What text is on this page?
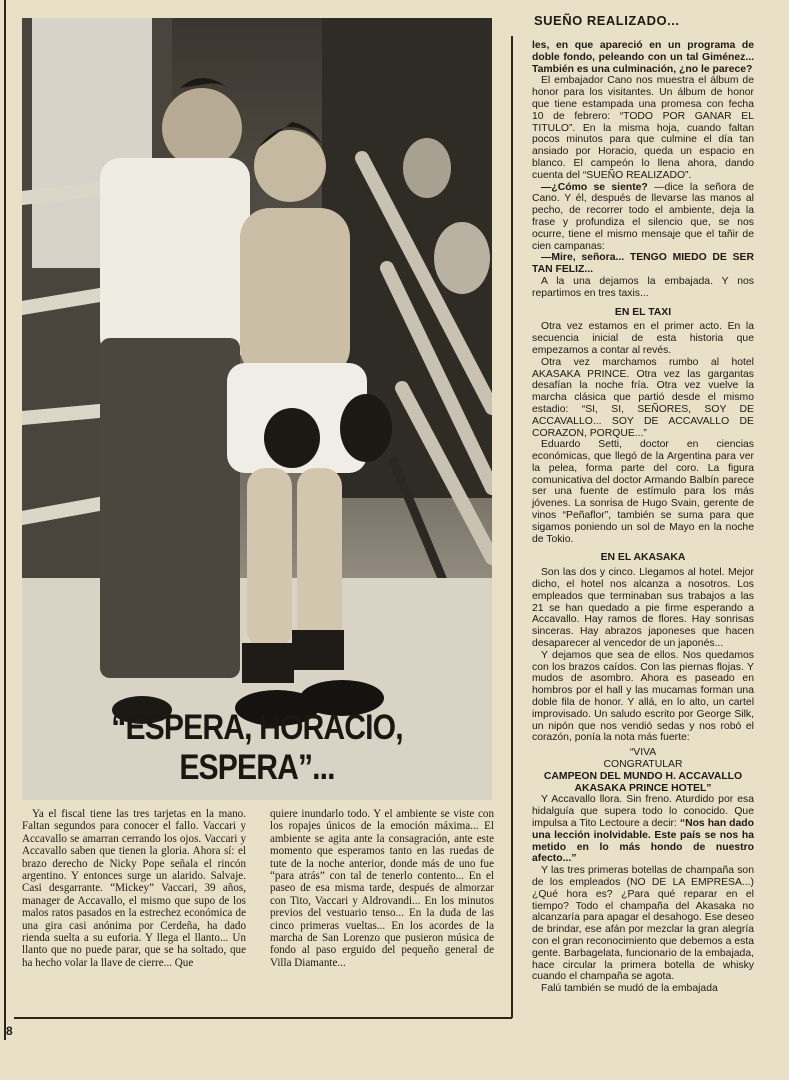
“ESPERA, HORACIO, ESPERA”...

Ya el fiscal tiene las tres tarjetas en la mano. Faltan segundos para conocer el fallo. Vaccari y Accavallo se amarran cerrando los ojos. Vaccari y Accavallo saben que tienen la gloria. Ahora sí: el brazo derecho de Nicky Pope señala el rincón argentino. Y entonces surge un alarido. Salvaje. Casi desgarrante. “Mickey” Vaccari, 39 años, manager de Accavallo, el mismo que supo de los malos ratos pasados en la estrechez económica de una gira casi anónima por Cerdeña, ha dado rienda suelta a su euforia. Y llega el llanto... Un llanto que no puede parar, que se ha soltado, que ha hecho volar la llave de cierre... Que

quiere inundarlo todo. Y el ambiente se viste con los ropajes únicos de la emoción máxima... El ambiente se agita ante la consagración, ante este momento que esperamos tanto en las ruedas de tute de la noche anterior, donde más de uno fue “para atrás” con tal de tenerlo contento... En el paseo de esa misma tarde, después de almorzar con Tito, Vaccari y Aldrovandi... En los minutos previos del vestuario tenso... En la duda de las cinco primeras vueltas... En los acordes de la marcha de San Lorenzo que pusieron música de fondo al paso erguido del pequeño general de Villa Diamante...

SUEÑO REALIZADO...

les, en que apareció en un programa de doble fondo, peleando con un tal Giménez... También es una culminación, ¿no le parece?

El embajador Cano nos muestra el álbum de honor para los visitantes. Un álbum de honor que tiene estampada una promesa con fecha 10 de febrero: “TODO POR GANAR EL TITULO”. En la misma hoja, cuando faltan pocos minutos para que culmine el día tan ansiado por Horacio, queda un espacio en blanco. El campeón lo llena ahora, dando cuenta del “SUEÑO REALIZADO”.

—¿Cómo se siente? —dice la señora de Cano. Y él, después de llevarse las manos al pecho, de recorrer todo el ambiente, deja la frase y profundiza el silencio que, se nos ocurre, tiene el mismo mensaje que el tañir de cien campanas:

—Mire, señora... TENGO MIEDO DE SER TAN FELIZ...

A la una dejamos la embajada. Y nos repartimos en tres taxis...

EN EL TAXI

Otra vez estamos en el primer acto. En la secuencia inicial de esta historia que empezamos a contar al revés.

Otra vez marchamos rumbo al hotel AKASAKA PRINCE. Otra vez las gargantas desafían la noche fría. Otra vez vuelve la marcha clásica que partió desde el mismo estadio: “SI, SI, SEÑORES, SOY DE ACCAVALLO... SOY DE ACCAVALLO DE CORAZON, PORQUE...”

Eduardo Setti, doctor en ciencias económicas, que llegó de la Argentina para ver la pelea, forma parte del coro. La figura comunicativa del doctor Armando Balbín parece ser una fuente de estímulo para los más jóvenes. La sonrisa de Hugo Svain, gerente de vinos “Peñaflor”, también se suma para que sigamos poniendo un sol de Mayo en la noche de Tokio.

EN EL AKASAKA

Son las dos y cinco. Llegamos al hotel. Mejor dicho, el hotel nos alcanza a nosotros. Los empleados que terminaban sus trabajos a las 21 se han quedado a pie firme esperando a Accavallo. Hay ramos de flores. Hay sonrisas sinceras. Hay abrazos japoneses que hacen desaparecer al vencedor de un japonés...

Y dejamos que sea de ellos. Nos quedamos con los brazos caídos. Con las piernas flojas. Y mudos de asombro. Ahora es paseado en hombros por el hall y las mucamas forman una doble fila de honor. Y allá, en lo alto, un cartel improvisado. Un saludo escrito por George Silk, un nipón que nos vendió sedas y nos robó el corazón, ponía la nota más fuerte:

“VIVA

CONGRATULAR

CAMPEON DEL MUNDO H. ACCAVALLO

AKASAKA PRINCE HOTEL”

Y Accavallo llora. Sin freno. Aturdido por esa hidalguía que supera todo lo conocido. Que impulsa a Tito Lectoure a decir: “Nos han dado una lección inolvidable. Este país se nos ha metido en lo más hondo de nuestro afecto...”

Y las tres primeras botellas de champaña son de los empleados (NO DE LA EMPRESA...) ¿Qué hora es? ¿Para qué reparar en el tiempo? Todo el champaña del Akasaka no alcanzaría para apagar el desahogo. Ese deseo de brindar, ese afán por mezclar la gran alegría con el gran reconocimiento que debemos a esta gente. Barbagelata, funcionario de la embajada, hace circular la primera botella de whisky cuando el champaña se agota.

Falú también se mudó de la embajada

8
